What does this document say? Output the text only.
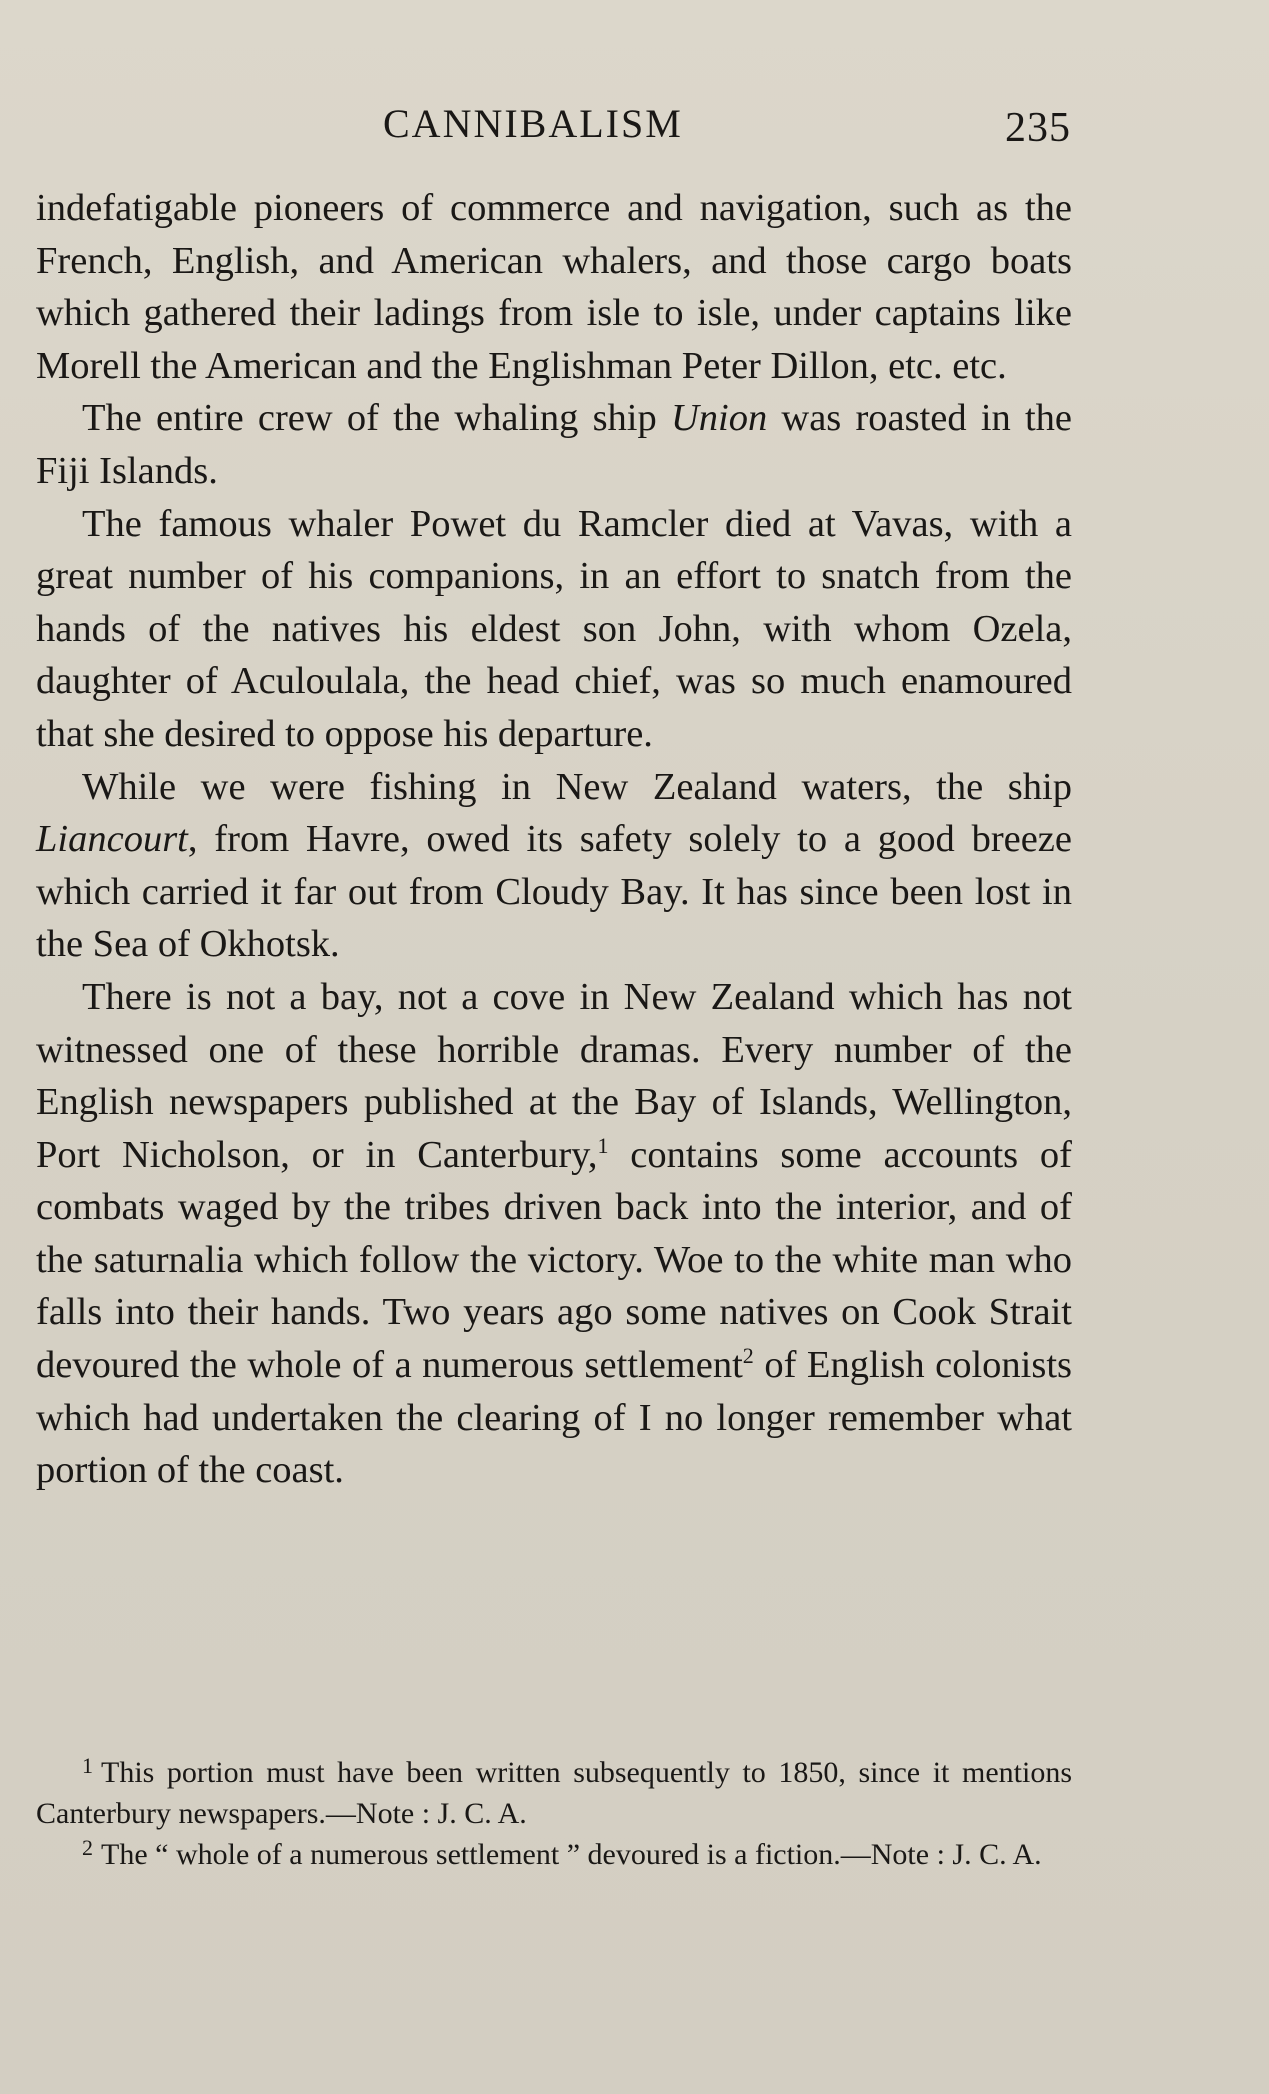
CANNIBALISM	235

indefatigable pioneers of commerce and navigation, such as the French, English, and American whalers, and those cargo boats which gathered their ladings from isle to isle, under captains like Morell the American and the Englishman Peter Dillon, etc. etc.

The entire crew of the whaling ship Union was roasted in the Fiji Islands.

The famous whaler Powet du Ramcler died at Vavas, with a great number of his companions, in an effort to snatch from the hands of the natives his eldest son John, with whom Ozela, daughter of Aculoulala, the head chief, was so much enamoured that she desired to oppose his departure.

While we were fishing in New Zealand waters, the ship Liancourt, from Havre, owed its safety solely to a good breeze which carried it far out from Cloudy Bay. It has since been lost in the Sea of Okhotsk.

There is not a bay, not a cove in New Zealand which has not witnessed one of these horrible dramas. Every number of the English newspapers published at the Bay of Islands, Wellington, Port Nicholson, or in Canterbury,$^1$ contains some accounts of combats waged by the tribes driven back into the interior, and of the saturnalia which follow the victory. Woe to the white man who falls into their hands. Two years ago some natives on Cook Strait devoured the whole of a numerous settlement$^2$ of English colonists which had undertaken the clearing of I no longer remember what portion of the coast.

$^1$ This portion must have been written subsequently to 1850, since it mentions Canterbury newspapers.—Note : J. C. A.

$^2$ The “ whole of a numerous settlement ” devoured is a fiction.—Note : J. C. A.
